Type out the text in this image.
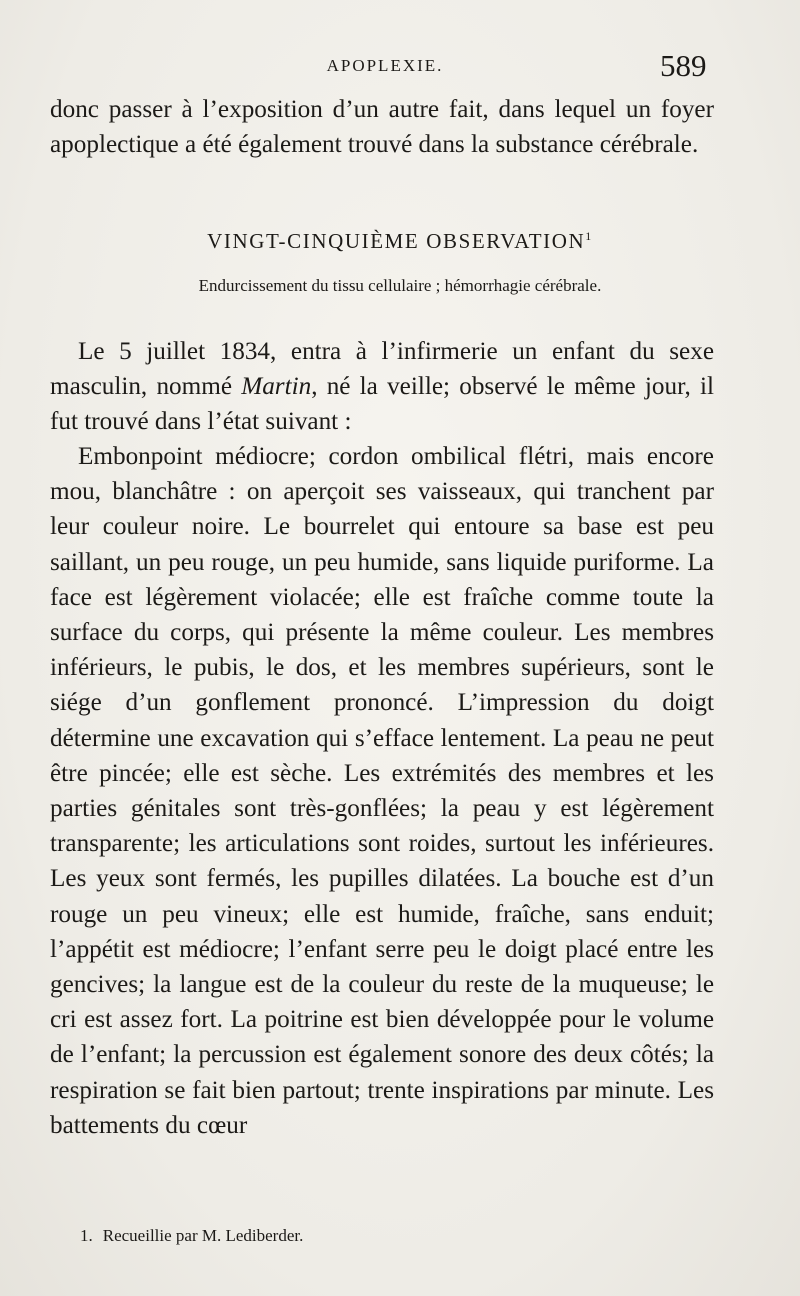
APOPLEXIE.	589

donc passer à l’exposition d’un autre fait, dans lequel un foyer apoplectique a été également trouvé dans la substance cérébrale.

VINGT-CINQUIÈME OBSERVATION$^1$
Endurcissement du tissu cellulaire ; hémorrhagie cérébrale.

Le 5 juillet 1834, entra à l’infirmerie un enfant du sexe masculin, nommé Martin, né la veille; observé le même jour, il fut trouvé dans l’état suivant :

Embonpoint médiocre; cordon ombilical flétri, mais encore mou, blanchâtre : on aperçoit ses vaisseaux, qui tranchent par leur couleur noire. Le bourrelet qui entoure sa base est peu saillant, un peu rouge, un peu humide, sans liquide puriforme. La face est légèrement violacée; elle est fraîche comme toute la surface du corps, qui présente la même couleur. Les membres inférieurs, le pubis, le dos, et les membres supérieurs, sont le siége d’un gonflement prononcé. L’impression du doigt détermine une excavation qui s’efface lentement. La peau ne peut être pincée; elle est sèche. Les extrémités des membres et les parties génitales sont très-gonflées; la peau y est légèrement transparente; les articulations sont roides, surtout les inférieures. Les yeux sont fermés, les pupilles dilatées. La bouche est d’un rouge un peu vineux; elle est humide, fraîche, sans enduit; l’appétit est médiocre; l’enfant serre peu le doigt placé entre les gencives; la langue est de la couleur du reste de la muqueuse; le cri est assez fort. La poitrine est bien développée pour le volume de l’enfant; la percussion est également sonore des deux côtés; la respiration se fait bien partout; trente inspirations par minute. Les battements du cœur

1. Recueillie par M. Lediberder.
